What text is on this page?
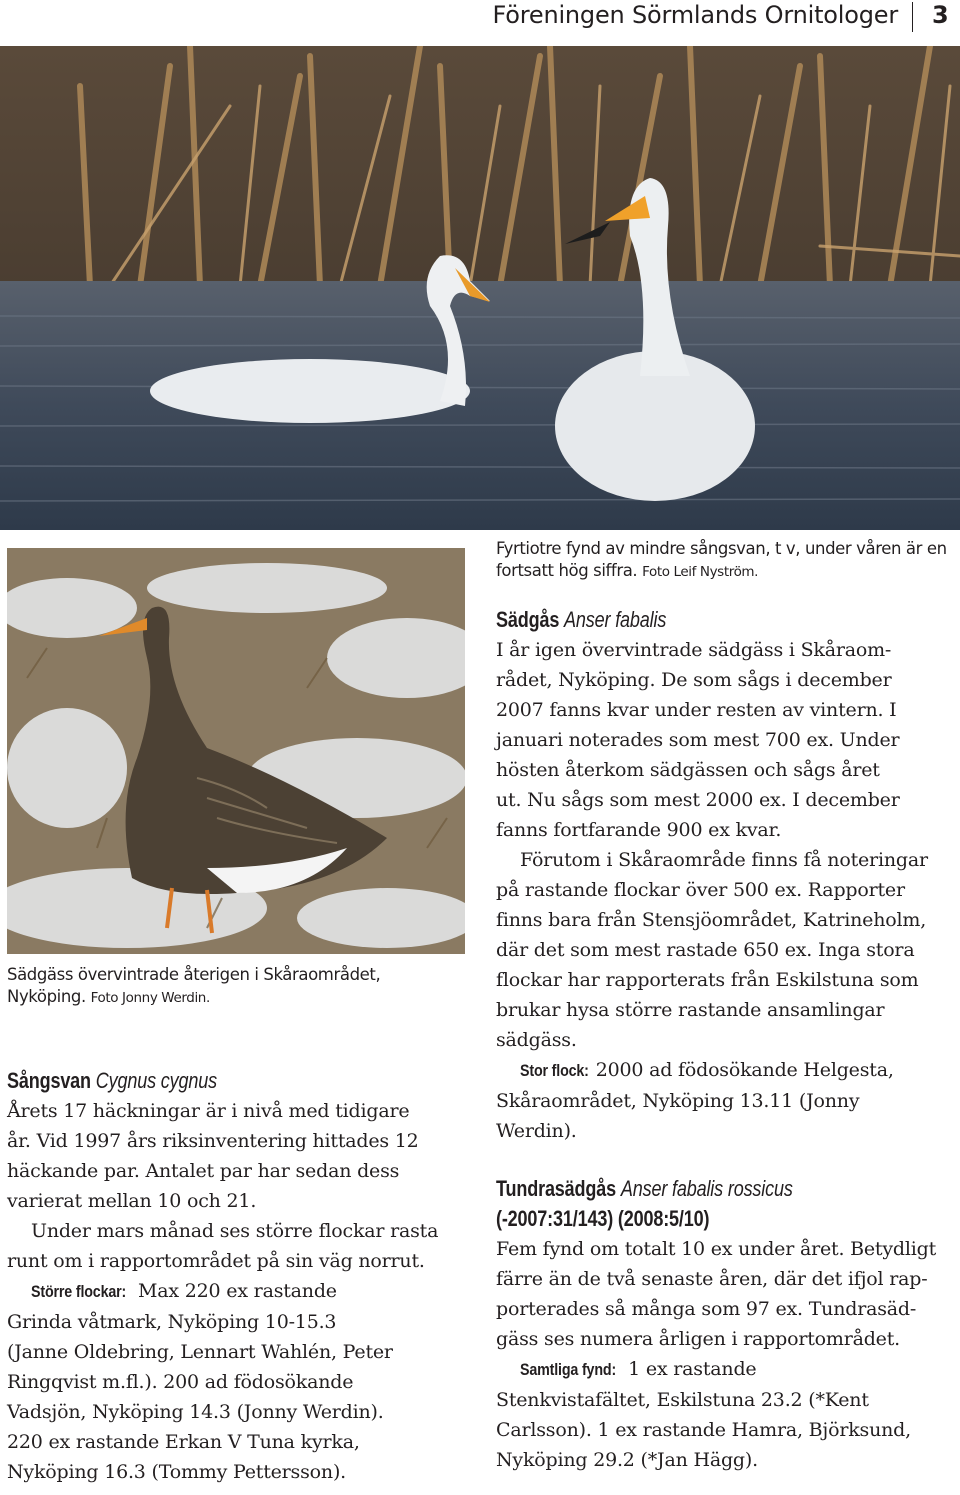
Föreningen Sörmlands Ornitologer 3
Fyrtiotre fynd av mindre sångsvan, t v, under våren är en fortsatt hög siffra. Foto Leif Nyström.
Sädgäss övervintrade återigen i Skåraområdet, Nyköping. Foto Jonny Werdin.
Sångsvan Cygnus cygnus

Årets 17 häckningar är i nivå med tidigare
år. Vid 1997 års riksinventering hittades 12
häckande par. Antalet par har sedan dess
varierat mellan 10 och 21.

Under mars månad ses större flockar rasta
runt om i rapportområdet på sin väg norrut.

Större flockar: Max 220 ex rastande
Grinda våtmark, Nyköping 10-15.3
(Janne Oldebring, Lennart Wahlén, Peter
Ringqvist m.fl.). 200 ad födosökande
Vadsjön, Nyköping 14.3 (Jonny Werdin).
220 ex rastande Erkan V Tuna kyrka,
Nyköping 16.3 (Tommy Pettersson).

Sädgås Anser fabalis

I år igen övervintrade sädgäss i Skåraom-
rådet, Nyköping. De som sågs i december
2007 fanns kvar under resten av vintern. I
januari noterades som mest 700 ex. Under
hösten återkom sädgässen och sågs året
ut. Nu sågs som mest 2000 ex. I december
fanns fortfarande 900 ex kvar.

Förutom i Skåraområde finns få noteringar
på rastande flockar över 500 ex. Rapporter
finns bara från Stensjöområdet, Katrineholm,
där det som mest rastade 650 ex. Inga stora
flockar har rapporterats från Eskilstuna som
brukar hysa större rastande ansamlingar
sädgäss.

Stor flock: 2000 ad födosökande Helgesta,
Skåraområdet, Nyköping 13.11 (Jonny
Werdin).

Tundrasädgås Anser fabalis rossicus
(-2007:31/143) (2008:5/10)

Fem fynd om totalt 10 ex under året. Betydligt
färre än de två senaste åren, där det ifjol rap-
porterades så många som 97 ex. Tundrasäd-
gäss ses numera årligen i rapportområdet.

Samtliga fynd: 1 ex rastande
Stenkvistafältet, Eskilstuna 23.2 (*Kent
Carlsson). 1 ex rastande Hamra, Björksund,
Nyköping 29.2 (*Jan Hägg).
